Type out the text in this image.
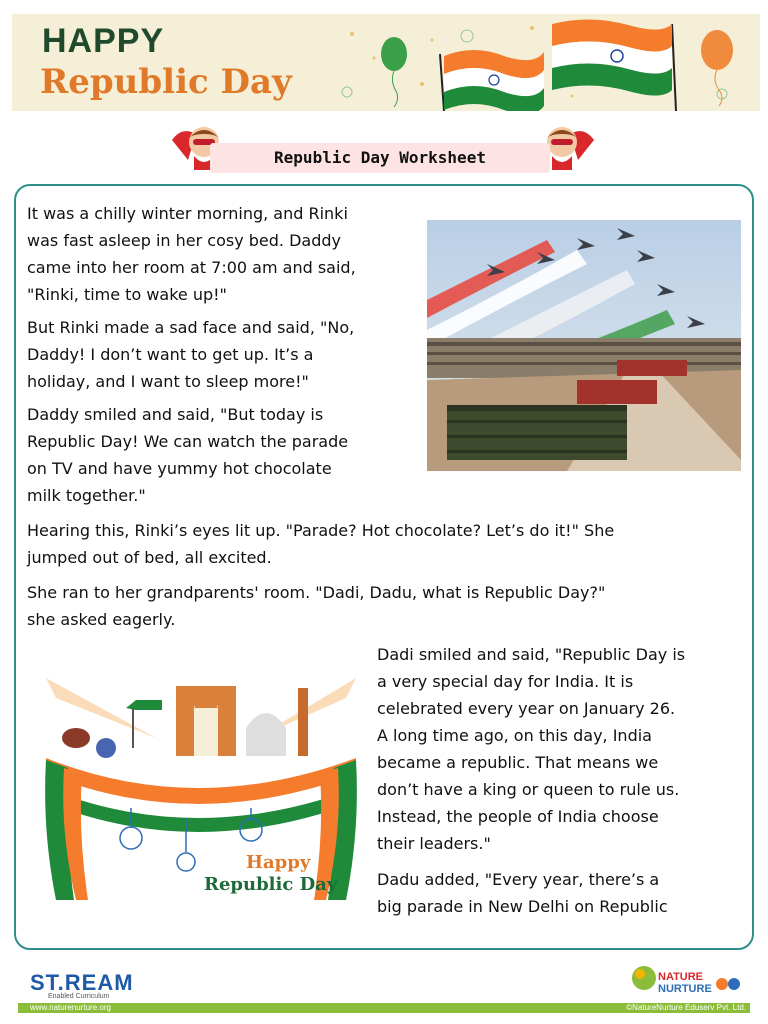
HAPPY
Republic Day
Republic Day Worksheet
It was a chilly winter morning, and Rinki
was fast asleep in her cosy bed. Daddy
came into her room at 7:00 am and said,
"Rinki, time to wake up!"
But Rinki made a sad face and said, "No,
Daddy! I don’t want to get up. It’s a
holiday, and I want to sleep more!"
Daddy smiled and said, "But today is
Republic Day! We can watch the parade
on TV and have yummy hot chocolate
milk together."
Hearing this, Rinki’s eyes lit up. "Parade? Hot chocolate? Let’s do it!" She
jumped out of bed, all excited.
She ran to her grandparents' room. "Dadi, Dadu, what is Republic Day?"
she asked eagerly.
Dadi smiled and said, "Republic Day is
a very special day for India. It is
celebrated every year on January 26.
A long time ago, on this day, India
became a republic. That means we
don’t have a king or queen to rule us.
Instead, the people of India choose
their leaders."
Dadu added, "Every year, there’s a
big parade in New Delhi on Republic
Happy
Republic Day
ST.REAM
Enabled Curriculum
NATURE
NURTURE
www.naturenurture.org	©NatureNurture Eduserv Pvt. Ltd.
